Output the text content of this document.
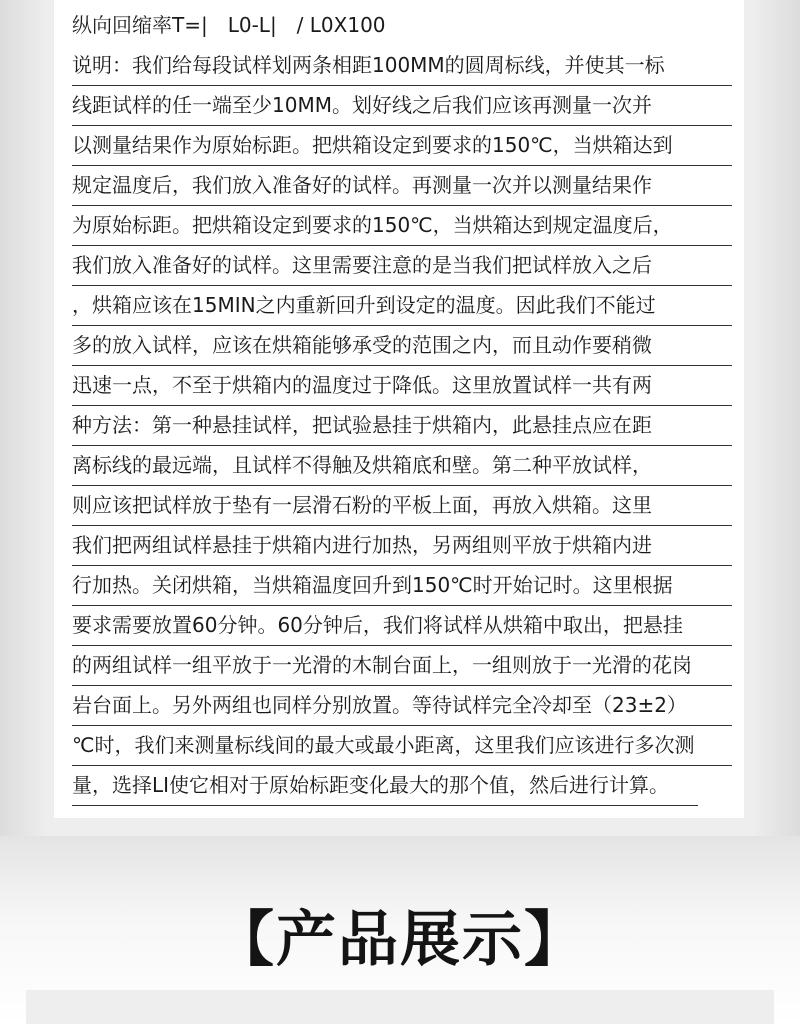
纵向回缩率T=|　L0-L|　/ L0X100
说明：我们给每段试样划两条相距100MM的圆周标线，并使其一标
线距试样的任一端至少10MM。划好线之后我们应该再测量一次并
以测量结果作为原始标距。把烘箱设定到要求的150℃，当烘箱达到
规定温度后，我们放入准备好的试样。再测量一次并以测量结果作
为原始标距。把烘箱设定到要求的150℃，当烘箱达到规定温度后，
我们放入准备好的试样。这里需要注意的是当我们把试样放入之后
，烘箱应该在15MIN之内重新回升到设定的温度。因此我们不能过
多的放入试样，应该在烘箱能够承受的范围之内，而且动作要稍微
迅速一点，不至于烘箱内的温度过于降低。这里放置试样一共有两
种方法：第一种悬挂试样，把试验悬挂于烘箱内，此悬挂点应在距
离标线的最远端，且试样不得触及烘箱底和壁。第二种平放试样，
则应该把试样放于垫有一层滑石粉的平板上面，再放入烘箱。这里
我们把两组试样悬挂于烘箱内进行加热，另两组则平放于烘箱内进
行加热。关闭烘箱，当烘箱温度回升到150℃时开始记时。这里根据
要求需要放置60分钟。60分钟后，我们将试样从烘箱中取出，把悬挂
的两组试样一组平放于一光滑的木制台面上，一组则放于一光滑的花岗
岩台面上。另外两组也同样分别放置。等待试样完全冷却至（23±2）
℃时，我们来测量标线间的最大或最小距离，这里我们应该进行多次测
量，选择LI使它相对于原始标距变化最大的那个值，然后进行计算。
【产品展示】
